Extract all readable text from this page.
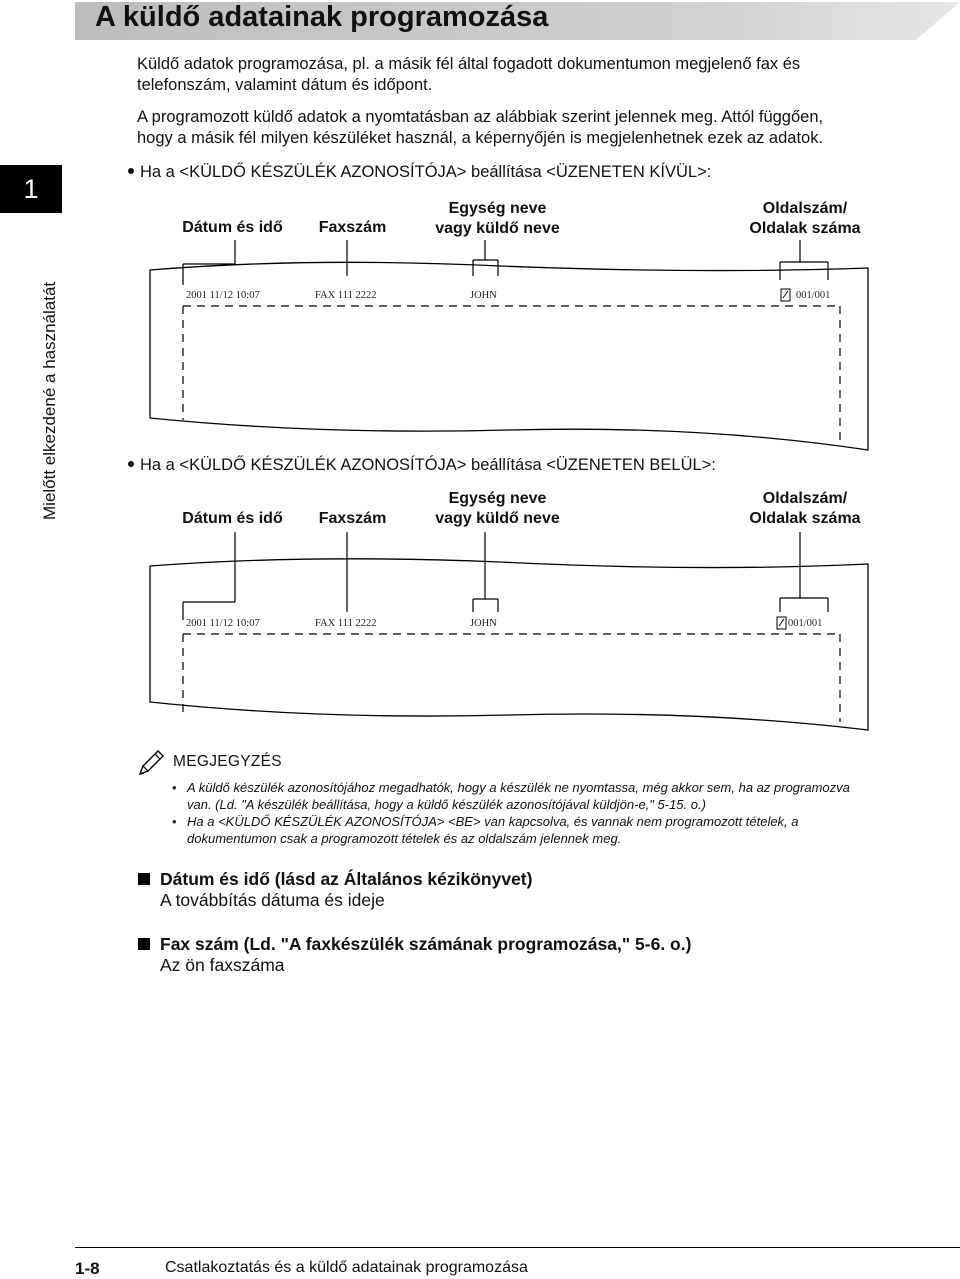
A küldő adatainak programozása
1
Mielőtt elkezdené a használatát
Küldő adatok programozása, pl. a másik fél által fogadott dokumentumon megjelenő fax és
telefonszám, valamint dátum és időpont.
A programozott küldő adatok a nyomtatásban az alábbiak szerint jelennek meg. Attól függően,
hogy a másik fél milyen készüléket használ, a képernyőjén is megjelenhetnek ezek az adatok.
Ha a <KÜLDŐ KÉSZÜLÉK AZONOSÍTÓJA> beállítása <ÜZENETEN KÍVÜL>:
Dátum és idő	Faxszám
Egység neve
vagy küldő neve
Oldalszám/
Oldalak száma
2001 11/12 10:07	FAX 111 2222	JOHN	001/001
Ha a <KÜLDŐ KÉSZÜLÉK AZONOSÍTÓJA> beállítása <ÜZENETEN BELÜL>:
Dátum és idő	Faxszám
Egység neve
vagy küldő neve
Oldalszám/
Oldalak száma
2001 11/12 10:07	FAX 111 2222	JOHN	001/001
MEGJEGYZÉS
• A küldő készülék azonosítójához megadhatók, hogy a készülék ne nyomtassa, még akkor sem, ha az programozva
van. (Ld. "A készülék beállítása, hogy a küldő készülék azonosítójával küldjön-e," 5-15. o.)
• Ha a <KÜLDŐ KÉSZÜLÉK AZONOSÍTÓJA> <BE> van kapcsolva, és vannak nem programozott tételek, a
dokumentumon csak a programozott tételek és az oldalszám jelennek meg.
Dátum és idő (lásd az Általános kézikönyvet)
A továbbítás dátuma és ideje
Fax szám (Ld. "A faxkészülék számának programozása," 5-6. o.)
Az ön faxszáma
1-8	Csatlakoztatás és a küldő adatainak programozása
